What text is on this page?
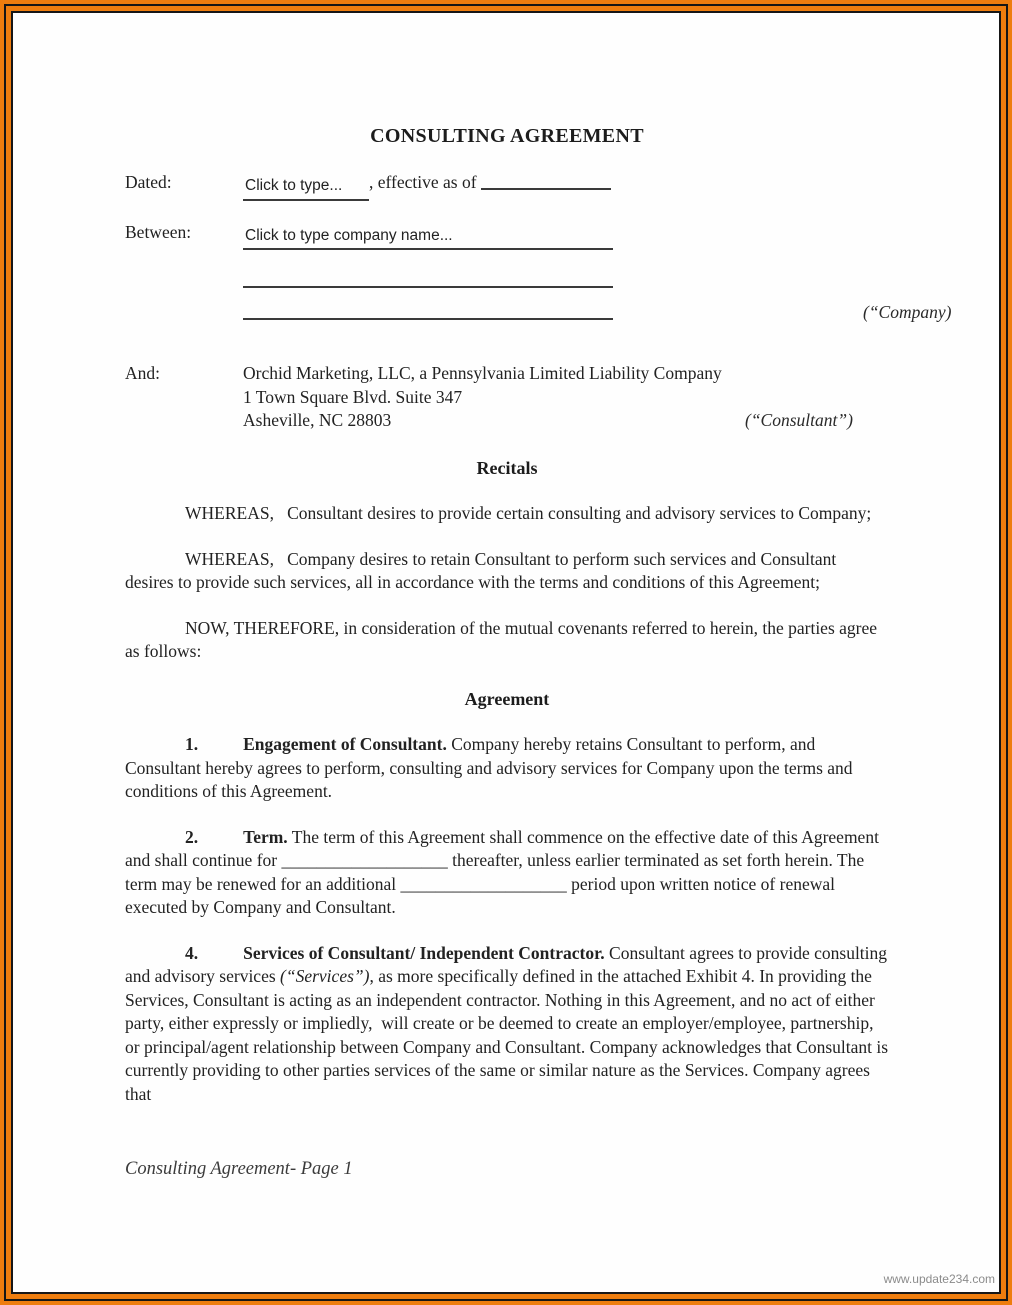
CONSULTING AGREEMENT
Dated:	Click to type...	, effective as of
Between:	Click to type company name...
(“Company)
And:	Orchid Marketing, LLC, a Pennsylvania Limited Liability Company
1 Town Square Blvd. Suite 347
Asheville, NC 28803	(“Consultant”)
Recitals

WHEREAS,   Consultant desires to provide certain consulting and advisory services to Company;

WHEREAS,   Company desires to retain Consultant to perform such services and Consultant desires to provide such services, all in accordance with the terms and conditions of this Agreement;

NOW, THEREFORE, in consideration of the mutual covenants referred to herein, the parties agree as follows:

Agreement

1.	Engagement of Consultant. Company hereby retains Consultant to perform, and Consultant hereby agrees to perform, consulting and advisory services for Company upon the terms and conditions of this Agreement.

2.	Term. The term of this Agreement shall commence on the effective date of this Agreement and shall continue for ___________________ thereafter, unless earlier terminated as set forth herein. The term may be renewed for an additional ___________________ period upon written notice of renewal executed by Company and Consultant.

4.	Services of Consultant/ Independent Contractor. Consultant agrees to provide consulting and advisory services (“Services”), as more specifically defined in the attached Exhibit 4. In providing the Services, Consultant is acting as an independent contractor. Nothing in this Agreement, and no act of either party, either expressly or impliedly,  will create or be deemed to create an employer/employee, partnership, or principal/agent relationship between Company and Consultant. Company acknowledges that Consultant is currently providing to other parties services of the same or similar nature as the Services. Company agrees that

Consulting Agreement- Page 1
www.update234.com
